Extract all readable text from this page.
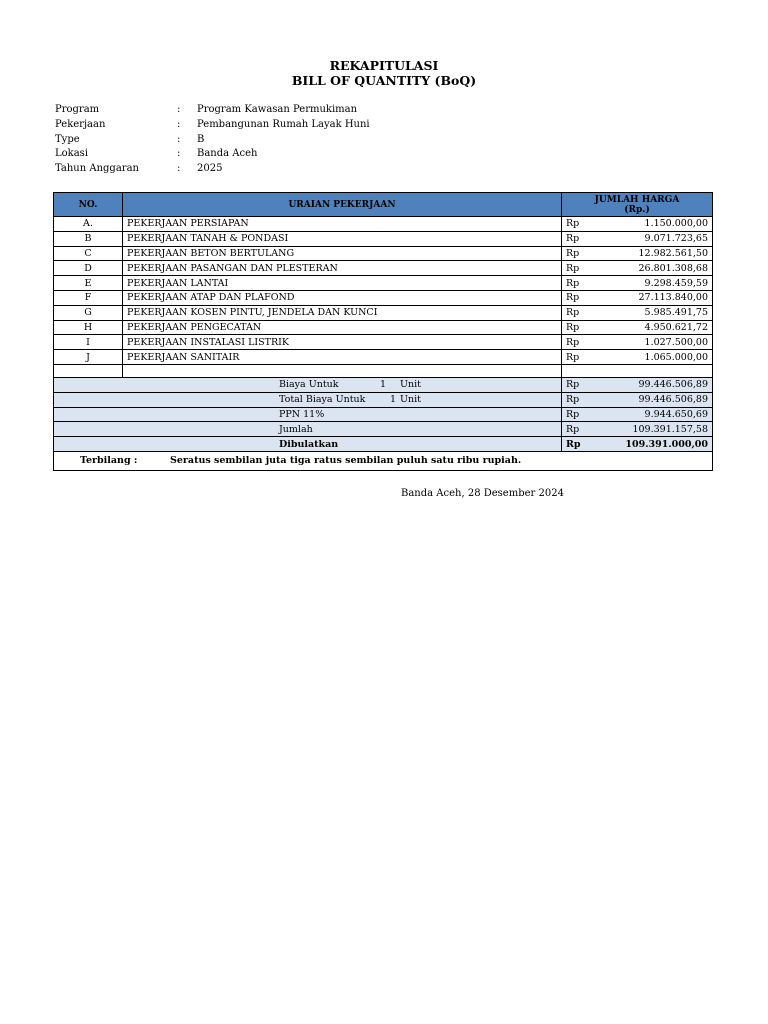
REKAPITULASI
BILL OF QUANTITY (BoQ)
Program	: Program Kawasan Permukiman
Pekerjaan	: Pembangunan Rumah Layak Huni
Type	: B
Lokasi	: Banda Aceh
Tahun Anggaran	: 2025
NO.	URAIAN PEKERJAAN	JUMLAH HARGA
(Rp.)	

A.	PEKERJAAN PERSIAPAN	Rp	1.150.000,00
B	PEKERJAAN TANAH & PONDASI	Rp	9.071.723,65
C	PEKERJAAN BETON BERTULANG	Rp	12.982.561,50
D	PEKERJAAN PASANGAN DAN PLESTERAN	Rp	26.801.308,68
E	PEKERJAAN LANTAI	Rp	9.298.459,59
F	PEKERJAAN ATAP DAN PLAFOND	Rp	27.113.840,00
G	PEKERJAAN KOSEN PINTU, JENDELA DAN KUNCI	Rp	5.985.491,75
H	PEKERJAAN PENGECATAN	Rp	4.950.621,72
I	PEKERJAAN INSTALASI LISTRIK	Rp	1.027.500,00
J	PEKERJAAN SANITAIR	Rp	1.065.000,00

Biaya Untuk 1 Unit		Rp	99.446.506,89

Total Biaya Untuk 1 Unit		Rp	99.446.506,89

PPN 11%		Rp	9.944.650,69

Jumlah		Rp	109.391.157,58

Dibulatkan		Rp	109.391.000,00

Terbilang : Seratus sembilan juta tiga ratus sembilan puluh satu ribu rupiah.			
Banda Aceh, 28 Desember 2024
